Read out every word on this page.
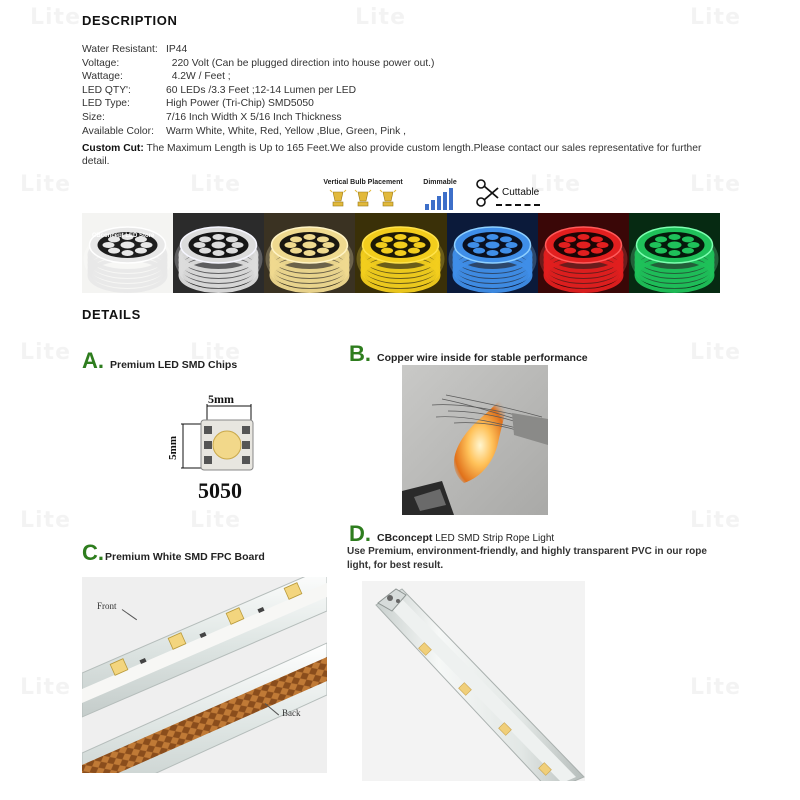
DESCRIPTION
Water Resistant: IP44
Voltage:	220 Volt (Can be plugged direction into house power out.)
Wattage:	4.2W / Feet ;
LED QTY':	60 LEDs /3.3 Feet ;12-14 Lumen per LED
LED Type:	High Power (Tri-Chip) SMD5050
Size:	7/16 Inch Width X 5/16 Inch Thickness
Available Color:	Warm White, White, Red, Yellow ,Blue, Green, Pink ,
Custom Cut: The Maximum Length is Up to 165 Feet.We also provide custom length.Please contact our sales representative for further detail.
Vertical Bulb Placement	Dimmable
Cuttable
CBconcept LED Store
DETAILS
A. Premium LED SMD Chips
5mm
5mm
5050
B. Copper wire inside for stable performance
C. Premium White SMD FPC Board
Front
Back
D. CBconcept LED SMD Strip Rope Light
Use Premium, environment-friendly, and highly transparent PVC in our rope light, for best result.
